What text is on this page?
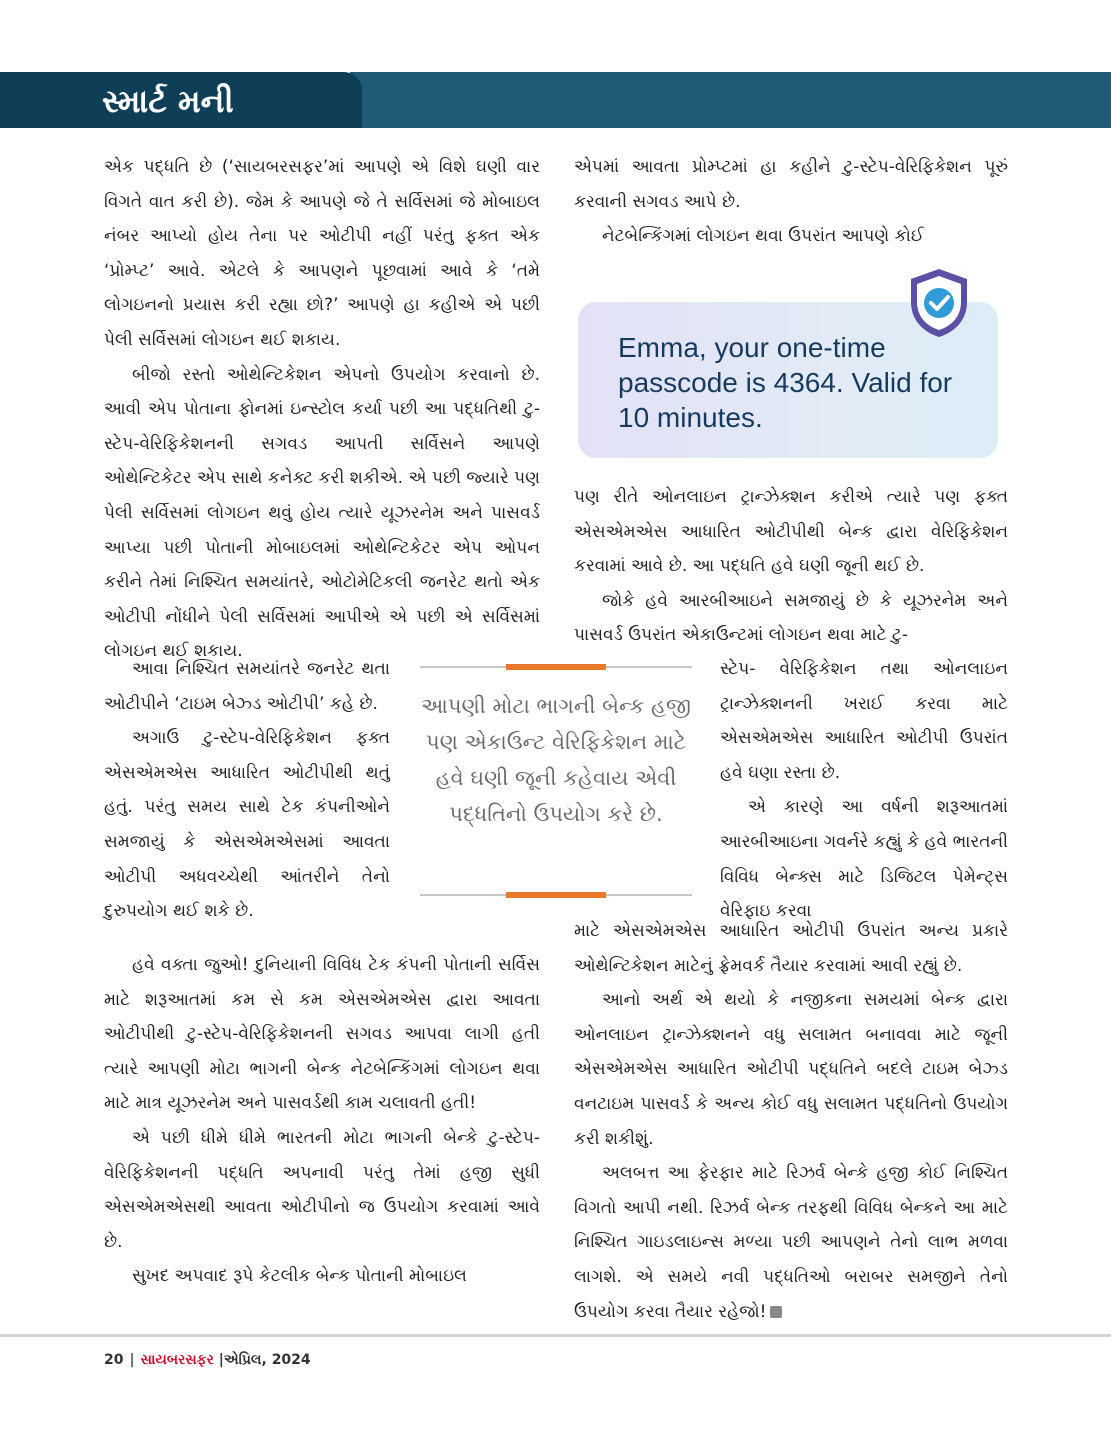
સ્માર્ટ મની

એક પદ્ધતિ છે (‘સાયબરસફર’માં આપણે એ વિશે ઘણી વાર વિગતે વાત કરી છે). જેમ કે આપણે જે તે સર્વિસમાં જે મોબાઇલ નંબર આપ્યો હોય તેના પર ઓટીપી નહીં પરંતુ ફક્ત એક ‘પ્રોમ્પ્ટ’ આવે. એટલે કે આપણને પૂછવામાં આવે કે ‘તમે લોગઇનનો પ્રયાસ કરી રહ્યા છો?’ આપણે હા કહીએ એ પછી પેલી સર્વિસમાં લોગઇન થઈ શકાય.

બીજો રસ્તો ઓથેન્ટિકેશન એપનો ઉપયોગ કરવાનો છે. આવી એપ પોતાના ફોનમાં ઇન્સ્ટોલ કર્યા પછી આ પદ્ધતિથી ટુ-સ્ટેપ-વેરિફિકેશનની સગવડ આપતી સર્વિસને આપણે ઓથેન્ટિકેટર એપ સાથે કનેક્ટ કરી શકીએ. એ પછી જ્યારે પણ પેલી સર્વિસમાં લોગઇન થવું હોય ત્યારે યૂઝરનેમ અને પાસવર્ડ આપ્યા પછી પોતાની મોબાઇલમાં ઓથેન્ટિકેટર એપ ઓપન કરીને તેમાં નિશ્ચિત સમયાંતરે, ઓટોમેટિકલી જનરેટ થતો એક ઓટીપી નોંધીને પેલી સર્વિસમાં આપીએ એ પછી એ સર્વિસમાં લોગઇન થઈ શકાય.

આવા નિશ્ચિત સમયાંતરે જનરેટ થતા ઓટીપીને ‘ટાઇમ બેઝ્ડ ઓટીપી’ કહે છે.

અગાઉ ટુ-સ્ટેપ-વેરિફિકેશન ફક્ત એસએમએસ આધારિત ઓટીપીથી થતું હતું. પરંતુ સમય સાથે ટેક કંપનીઓને સમજાયું કે એસએમએસમાં આવતા ઓટીપી અધવચ્ચેથી આંતરીને તેનો દુરુપયોગ થઈ શકે છે.

હવે વક્તા જુઓ! દુનિયાની વિવિધ ટેક કંપની પોતાની સર્વિસ માટે શરૂઆતમાં કમ સે કમ એસએમએસ દ્વારા આવતા ઓટીપીથી ટુ-સ્ટેપ-વેરિફિકેશનની સગવડ આપવા લાગી હતી ત્યારે આપણી મોટા ભાગની બેન્ક નેટબેન્કિંગમાં લોગઇન થવા માટે માત્ર યૂઝરનેમ અને પાસવર્ડથી કામ ચલાવતી હતી!

એ પછી ધીમે ધીમે ભારતની મોટા ભાગની બેન્કે ટુ-સ્ટેપ-વેરિફિકેશનની પદ્ધતિ અપનાવી પરંતુ તેમાં હજી સુધી એસએમએસથી આવતા ઓટીપીનો જ ઉપયોગ કરવામાં આવે છે.

સુખદ અપવાદ રૂપે કેટલીક બેન્ક પોતાની મોબાઇલ

એપમાં આવતા પ્રોમ્પ્ટમાં હા કહીને ટુ-સ્ટેપ-વેરિફિકેશન પૂરું કરવાની સગવડ આપે છે.

નેટબેન્કિંગમાં લોગઇન થવા ઉપરાંત આપણે કોઈ

Emma, your one-time passcode is 4364. Valid for 10 minutes.

પણ રીતે ઓનલાઇન ટ્રાન્ઝેક્શન કરીએ ત્યારે પણ ફક્ત એસએમએસ આધારિત ઓટીપીથી બેન્ક દ્વારા વેરિફિકેશન કરવામાં આવે છે. આ પદ્ધતિ હવે ઘણી જૂની થઈ છે.

જોકે હવે આરબીઆઇને સમજાયું છે કે યૂઝરનેમ અને પાસવર્ડ ઉપરાંત એકાઉન્ટમાં લોગઇન થવા માટે ટુ-

આપણી મોટા ભાગની બેન્ક હજી પણ એકાઉન્ટ વેરિફિકેશન માટે હવે ઘણી જૂની કહેવાય એવી પદ્ધતિનો ઉપયોગ કરે છે.

સ્ટેપ- વેરિફિકેશન તથા ઓનલાઇન ટ્રાન્ઝેક્શનની ખરાઈ કરવા માટે એસએમએસ આધારિત ઓટીપી ઉપરાંત હવે ઘણા રસ્તા છે.

એ કારણે આ વર્ષની શરૂઆતમાં આરબીઆઇના ગવર્નરે કહ્યું કે હવે ભારતની વિવિધ બેન્ક્સ માટે ડિજિટલ પેમેન્ટ્સ વેરિફાઇ કરવા

માટે એસએમએસ આધારિત ઓટીપી ઉપરાંત અન્ય પ્રકારે ઓથેન્ટિકેશન માટેનું ફ્રેમવર્ક તૈયાર કરવામાં આવી રહ્યું છે.

આનો અર્થ એ થયો કે નજીકના સમયમાં બેન્ક દ્વારા ઓનલાઇન ટ્રાન્ઝેક્શનને વધુ સલામત બનાવવા માટે જૂની એસએમએસ આધારિત ઓટીપી પદ્ધતિને બદલે ટાઇમ બેઝ્ડ વનટાઇમ પાસવર્ડ કે અન્ય કોઈ વધુ સલામત પદ્ધતિનો ઉપયોગ કરી શકીશું.

અલબત્ત આ ફેરફાર માટે રિઝર્વ બેન્કે હજી કોઈ નિશ્ચિત વિગતો આપી નથી. રિઝર્વ બેન્ક તરફથી વિવિધ બેન્કને આ માટે નિશ્ચિત ગાઇડલાઇન્સ મળ્યા પછી આપણને તેનો લાભ મળવા લાગશે. એ સમયે નવી પદ્ધતિઓ બરાબર સમજીને તેનો ઉપયોગ કરવા તૈયાર રહેજો!

20 | સાયબરસફર |એપ્રિલ, 2024
